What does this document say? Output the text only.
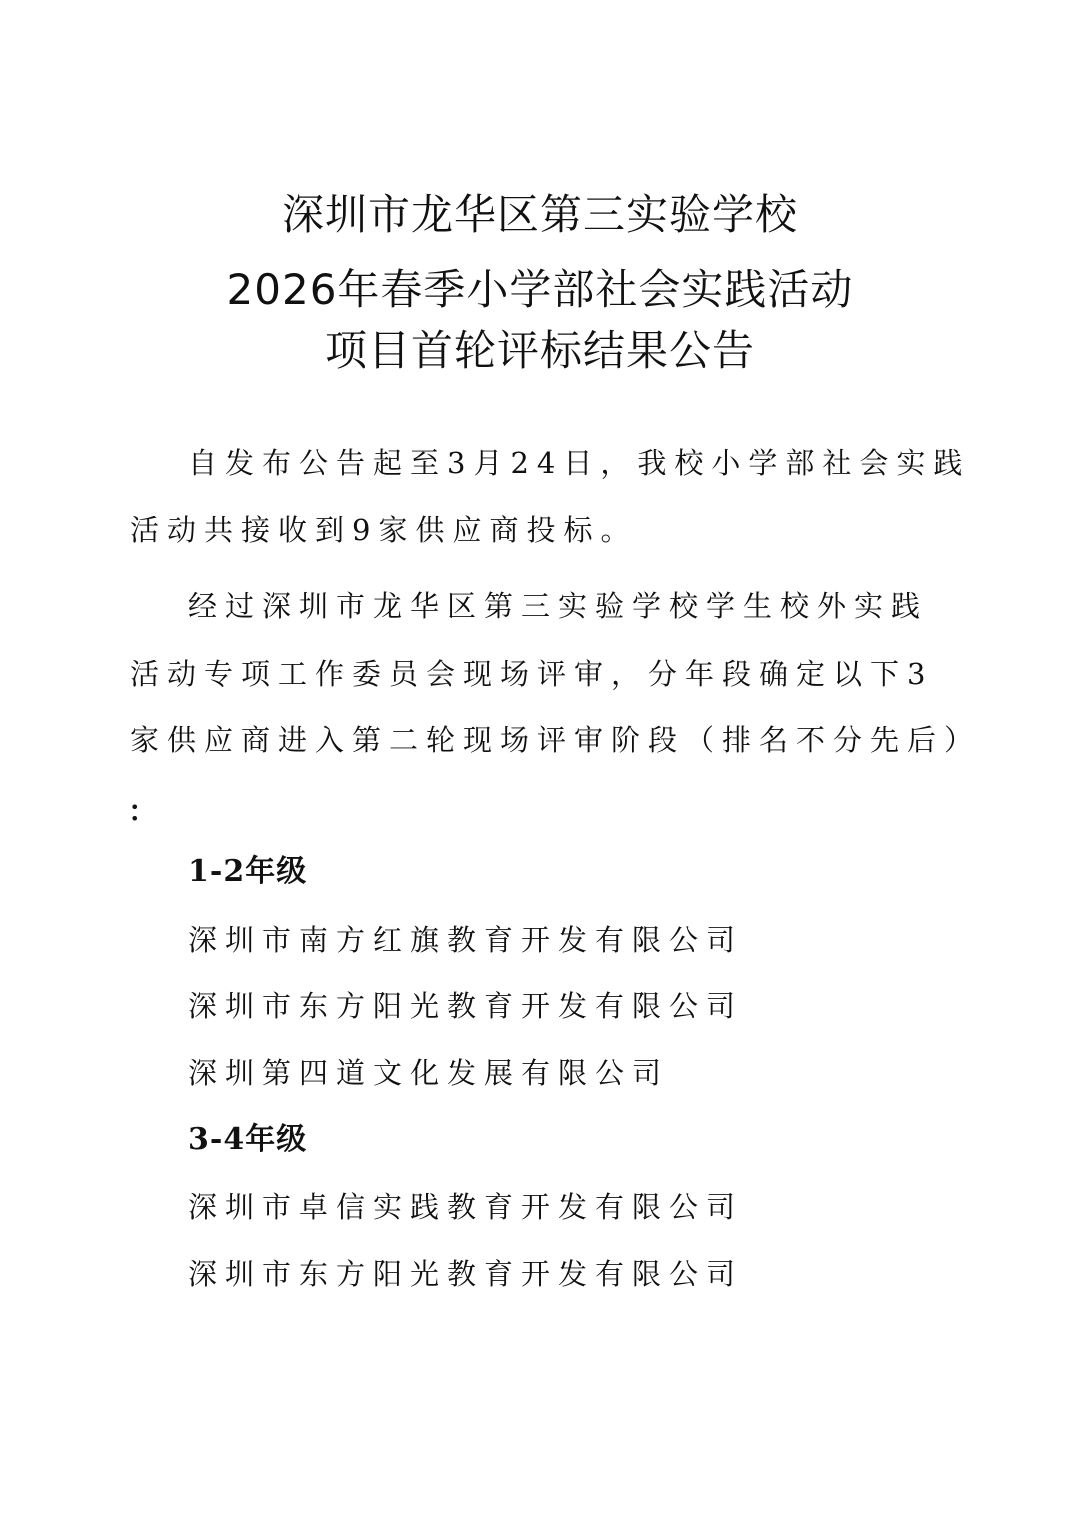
深圳市龙华区第三实验学校
2026年春季小学部社会实践活动
项目首轮评标结果公告
自发布公告起至3月24日，我校小学部社会实践
活动共接收到9家供应商投标。
经过深圳市龙华区第三实验学校学生校外实践
活动专项工作委员会现场评审，分年段确定以下3
家供应商进入第二轮现场评审阶段（排名不分先后）
：
1-2年级
深圳市南方红旗教育开发有限公司
深圳市东方阳光教育开发有限公司
深圳第四道文化发展有限公司
3-4年级
深圳市卓信实践教育开发有限公司
深圳市东方阳光教育开发有限公司
